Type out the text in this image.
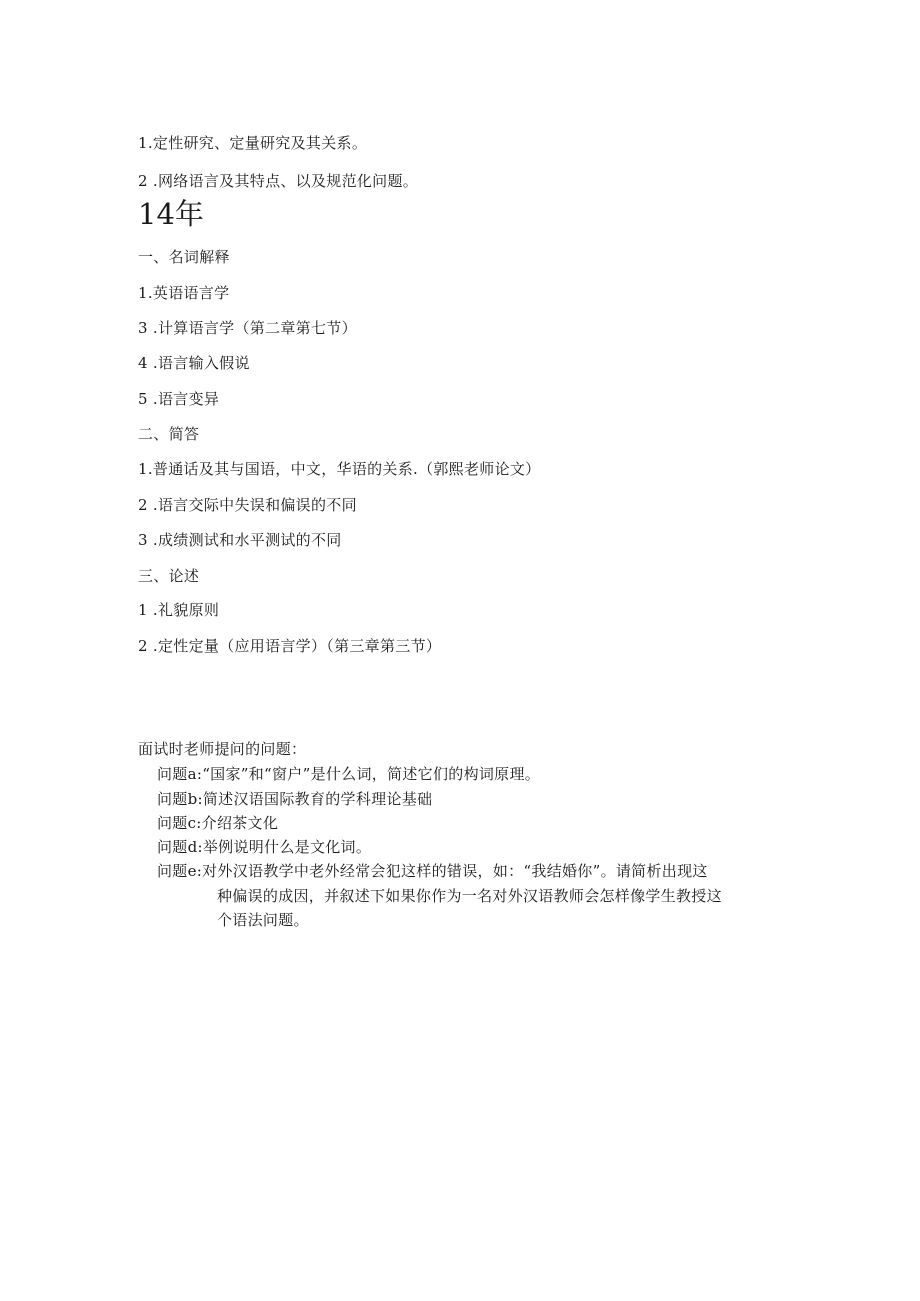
1.定性研究、定量研究及其关系。
2 .网络语言及其特点、以及规范化问题。
14年
一、名词解释
1.英语语言学
3 .计算语言学（第二章第七节）
4 .语言输入假说
5 .语言变异
二、简答
1.普通话及其与国语，中文，华语的关系.（郭熙老师论文）
2 .语言交际中失误和偏误的不同
3 .成绩测试和水平测试的不同
三、论述
1 .礼貌原则
2 .定性定量（应用语言学）（第三章第三节）
面试时老师提问的问题：
问题a:“国家”和“窗户”是什么词，简述它们的构词原理。
问题b:简述汉语国际教育的学科理论基础
问题c:介绍茶文化
问题d:举例说明什么是文化词。
问题e:对外汉语教学中老外经常会犯这样的错误，如：“我结婚你”。请简析出现这
种偏误的成因，并叙述下如果你作为一名对外汉语教师会怎样像学生教授这
个语法问题。
